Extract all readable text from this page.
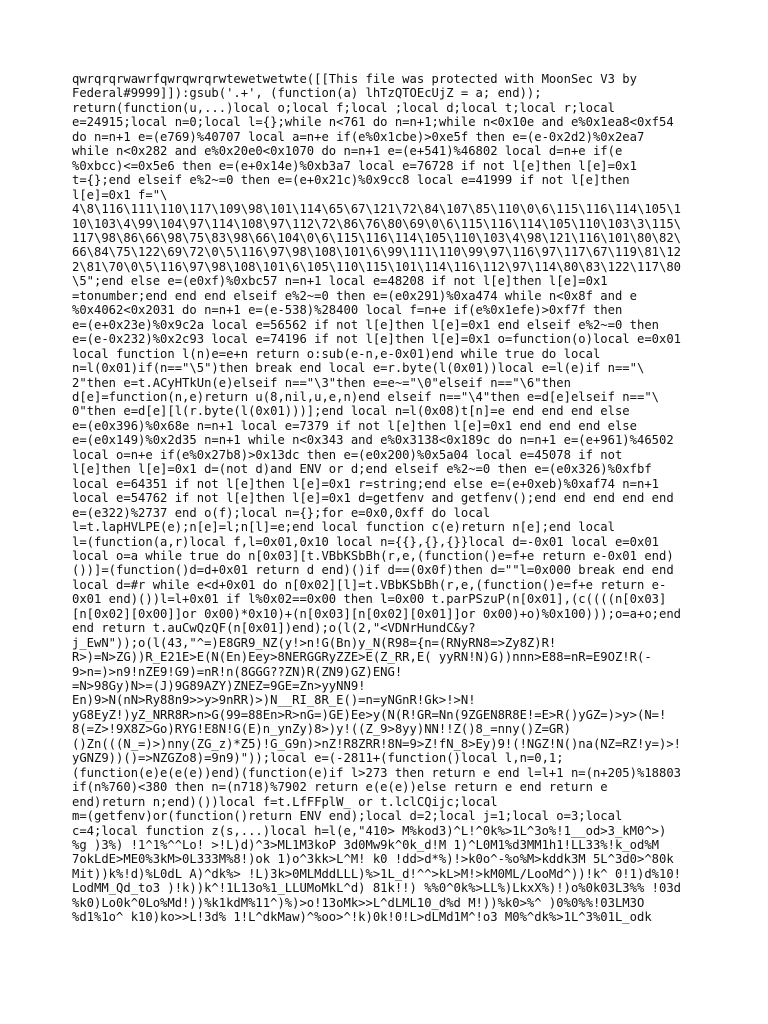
qwrqrqrwawrfqwrqwrqrwtewetwetwte([[This file was protected with MoonSec V3 by
Federal#9999]]):gsub('.+', (function(a) lhTzQTOEcUjZ = a; end));
return(function(u,...)local o;local f;local ;local d;local t;local r;local
e=24915;local n=0;local l={};while n<761 do n=n+1;while n<0x10e and e%0x1ea8<0xf54
do n=n+1 e=(e769)%40707 local a=n+e if(e%0x1cbe)>0xe5f then e=(e-0x2d2)%0x2ea7
while n<0x282 and e%0x20e0<0x1070 do n=n+1 e=(e+541)%46802 local d=n+e if(e
%0xbcc)<=0x5e6 then e=(e+0x14e)%0xb3a7 local e=76728 if not l[e]then l[e]=0x1
t={};end elseif e%2~=0 then e=(e+0x21c)%0x9cc8 local e=41999 if not l[e]then
l[e]=0x1 f="\
4\8\116\111\110\117\109\98\101\114\65\67\121\72\84\107\85\110\0\6\115\116\114\105\1
10\103\4\99\104\97\114\108\97\112\72\86\76\80\69\0\6\115\116\114\105\110\103\3\115\
117\98\86\66\98\75\83\98\66\104\0\6\115\116\114\105\110\103\4\98\121\116\101\80\82\
66\84\75\122\69\72\0\5\116\97\98\108\101\6\99\111\110\99\97\116\97\117\67\119\81\12
2\81\70\0\5\116\97\98\108\101\6\105\110\115\101\114\116\112\97\114\80\83\122\117\80
\5";end else e=(e0xf)%0xbc57 n=n+1 local e=48208 if not l[e]then l[e]=0x1
=tonumber;end end end elseif e%2~=0 then e=(e0x291)%0xa474 while n<0x8f and e
%0x4062<0x2031 do n=n+1 e=(e-538)%28400 local f=n+e if(e%0x1efe)>0xf7f then
e=(e+0x23e)%0x9c2a local e=56562 if not l[e]then l[e]=0x1 end elseif e%2~=0 then
e=(e-0x232)%0x2c93 local e=74196 if not l[e]then l[e]=0x1 o=function(o)local e=0x01
local function l(n)e=e+n return o:sub(e-n,e-0x01)end while true do local
n=l(0x01)if(n=="\5")then break end local e=r.byte(l(0x01))local e=l(e)if n=="\
2"then e=t.ACyHTkUn(e)elseif n=="\3"then e=e~="\0"elseif n=="\6"then
d[e]=function(n,e)return u(8,nil,u,e,n)end elseif n=="\4"then e=d[e]elseif n=="\
0"then e=d[e][l(r.byte(l(0x01)))];end local n=l(0x08)t[n]=e end end end else
e=(e0x396)%0x68e n=n+1 local e=7379 if not l[e]then l[e]=0x1 end end end else
e=(e0x149)%0x2d35 n=n+1 while n<0x343 and e%0x3138<0x189c do n=n+1 e=(e+961)%46502
local o=n+e if(e%0x27b8)>0x13dc then e=(e0x200)%0x5a04 local e=45078 if not
l[e]then l[e]=0x1 d=(not d)and ENV or d;end elseif e%2~=0 then e=(e0x326)%0xfbf
local e=64351 if not l[e]then l[e]=0x1 r=string;end else e=(e+0xeb)%0xaf74 n=n+1
local e=54762 if not l[e]then l[e]=0x1 d=getfenv and getfenv();end end end end end
e=(e322)%2737 end o(f);local n={};for e=0x0,0xff do local
l=t.lapHVLPE(e);n[e]=l;n[l]=e;end local function c(e)return n[e];end local
l=(function(a,r)local f,l=0x01,0x10 local n={{},{},{}}local d=-0x01 local e=0x01
local o=a while true do n[0x03][t.VBbKSbBh(r,e,(function()e=f+e return e-0x01 end)
())]=(function()d=d+0x01 return d end)()if d==(0x0f)then d=""l=0x000 break end end
local d=#r while e<d+0x01 do n[0x02][l]=t.VBbKSbBh(r,e,(function()e=f+e return e-
0x01 end)())l=l+0x01 if l%0x02==0x00 then l=0x00 t.parPSzuP(n[0x01],(c((((n[0x03]
[n[0x02][0x00]]or 0x00)*0x10)+(n[0x03][n[0x02][0x01]]or 0x00)+o)%0x100)));o=a+o;end
end return t.auCwQzQF(n[0x01])end);o(l(2,"<VDNrHundC&y?
j_EwN"));o(l(43,"^=)E8GR9_NZ(y!>n!G(Bn)y_N(R98={n=(RNyRN8=>Zy8Z)R!
R>)=N>ZG))R_E21E>E(N(En)Eey>8NERGGRyZZE>E(Z_RR,E( yyRN!N)G))nnn>E88=nR=E9OZ!R(-
9>n=)>n9!nZE9!G9)=nR!n(8GGG??ZN)R(ZN9)GZ)ENG!
=N>98Gy)N>=(J)9G89AZY)ZNEZ=9GE=Zn>yyNN9!
En)9>N(nN>Ry88n9>>y>9nRR)>)N__RI_8R_E()=n=yNGnR!Gk>!>N!
yG8EyZ!)yZ_NRR8R>n>G(99=88En>R>nG=)GE)Ee>y(N(R!GR=Nn(9ZGEN8R8E!=E>R()yGZ=)>y>(N=!
8(=Z>!9X8Z>Go)RYG!E8N!G(E)n_ynZy)8>)y!((Z_9>8yy)NN!!Z()8_=nny()Z=GR)
()Zn(((N_=)>)nny(ZG_z)*Z5)!G_G9n)>nZ!R8ZRR!8N=9>Z!fN_8>Ey)9!(!NGZ!N()na(NZ=RZ!y=)>!
yGNZ9))()=>NZGZo8)=9n9)"));local e=(-2811+(function()local l,n=0,1;
(function(e)e(e(e))end)(function(e)if l>273 then return e end l=l+1 n=(n+205)%18803
if(n%760)<380 then n=(n718)%7902 return e(e(e))else return e end return e
end)return n;end)())local f=t.LfFFplW_ or t.lclCQijc;local
m=(getfenv)or(function()return ENV end);local d=2;local j=1;local o=3;local
c=4;local function z(s,...)local h=l(e,"410> M%kod3)^L!^0k%>1L^3o%!1__od>3_kM0^>)
%g )3%) !1^1%^^Lo! >!L)d)^3>ML1M3koP 3d0Mw9k^0k_d!M 1)^L0M1%d3MM1h1!LL33%!k_od%M
7okLdE>ME0%3kM>0L333M%8!)ok 1)o^3kk>L^M! k0 !dd>d*%)!>k0o^-%o%M>kddk3M 5L^3d0>^80k
Mit))k%!d)%L0dL A)^dk%> !L)3k>0MLMddLLL)%>1L_d!^^>kL>M!>kM0ML/LooMd^))!k^ 0!1)d%10!
LodMM_Qd_to3 )!k))k^!1L13o%1_LLUMoMkL^d) 81k!!) %%0^0k%>LL%)LkxX%)!)o%0k03L3%% !03d
%k0)Lo0k^0Lo%Md!))%k1kdM%11^)%)>o!13oMk>>L^dLML10_d%d M!))%k0>%^ )0%0%%!03LM3O
%d1%1o^ k10)ko>>L!3d% 1!L^dkMaw)^%oo>^!k)0k!0!L>dLMd1M^!o3 M0%^dk%>1L^3%01L_odk
